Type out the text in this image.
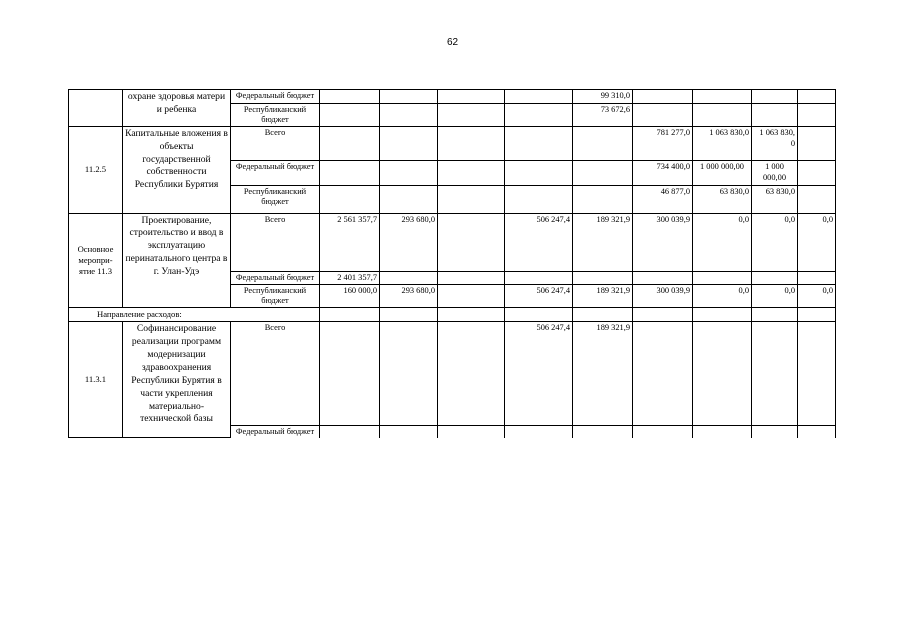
62
	охране здоровья матери и ребенка	Федеральный бюджет					99 310,0				
		Республиканский бюджет					73 672,6				
11.2.5	Капитальные вложения в объекты государственной собственности Республики Бурятия	Всего						781 277,0	1 063 830,0	1 063 830, 0	
		Федеральный бюджет						734 400,0	1 000 000,00	1 000 000,00	
		Республиканский бюджет						46 877,0	63 830,0	63 830,0	
Основное меропри-ятие 11.3	Проектирование, строительство и ввод в эксплуатацию перинатального центра в г. Улан-Удэ	Всего	2 561 357,7	293 680,0		506 247,4	189 321,9	300 039,9	0,0	0,0	0,0
		Федеральный бюджет	2 401 357,7								
		Республиканский бюджет	160 000,0	293 680,0		506 247,4	189 321,9	300 039,9	0,0	0,0	0,0
Направление расходов:											
11.3.1	Софинансирование реализации программ модернизации здравоохранения Республики Бурятия в части укрепления материально-технической базы	Всего				506 247,4	189 321,9				
		Федеральный бюджет									
